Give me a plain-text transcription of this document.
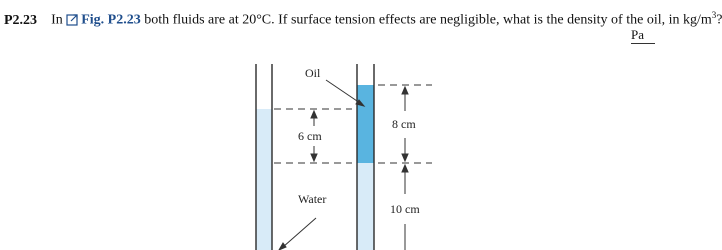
P2.23 In Fig. P2.23 both fluids are at 20°C. If surface tension effects are negligible, what is the density of the oil, in $kg/m^3$?
Pa
Oil
Water
6 cm
8 cm
10 cm
